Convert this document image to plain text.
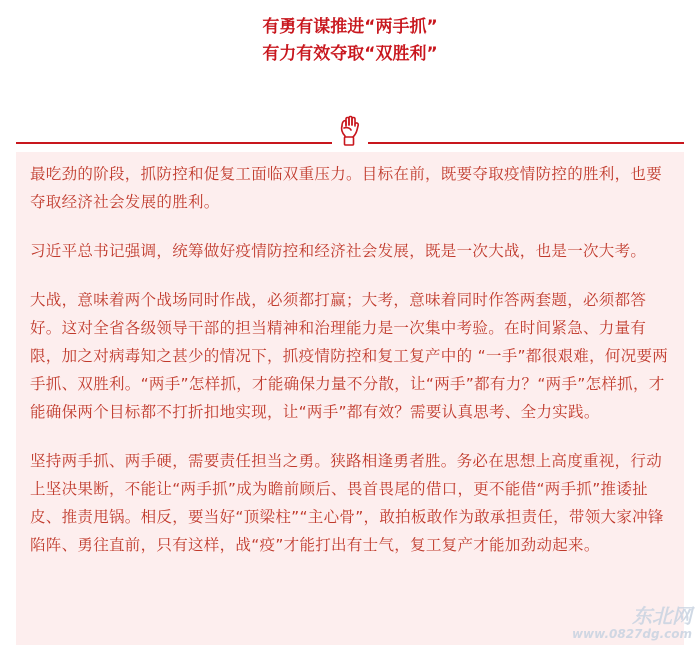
有勇有谋推进“两手抓”
有力有效夺取“双胜利”

最吃劲的阶段，抓防控和促复工面临双重压力。目标在前，既要夺取疫情防控的胜利，也要夺取经济社会发展的胜利。

习近平总书记强调，统筹做好疫情防控和经济社会发展，既是一次大战，也是一次大考。

大战，意味着两个战场同时作战，必须都打赢；大考，意味着同时作答两套题，必须都答好。这对全省各级领导干部的担当精神和治理能力是一次集中考验。在时间紧急、力量有限，加之对病毒知之甚少的情况下，抓疫情防控和复工复产中的 “一手”都很艰难，何况要两手抓、双胜利。“两手”怎样抓，才能确保力量不分散，让“两手”都有力？“两手”怎样抓，才能确保两个目标都不打折扣地实现，让“两手”都有效？需要认真思考、全力实践。

坚持两手抓、两手硬，需要责任担当之勇。狭路相逢勇者胜。务必在思想上高度重视，行动上坚决果断，不能让“两手抓”成为瞻前顾后、畏首畏尾的借口，更不能借“两手抓”推诿扯皮、推责甩锅。相反，要当好“顶梁柱”“主心骨”，敢拍板敢作为敢承担责任，带领大家冲锋陷阵、勇往直前，只有这样，战“疫”才能打出有士气，复工复产才能加劲动起来。

东北网
www.0827dg.com
